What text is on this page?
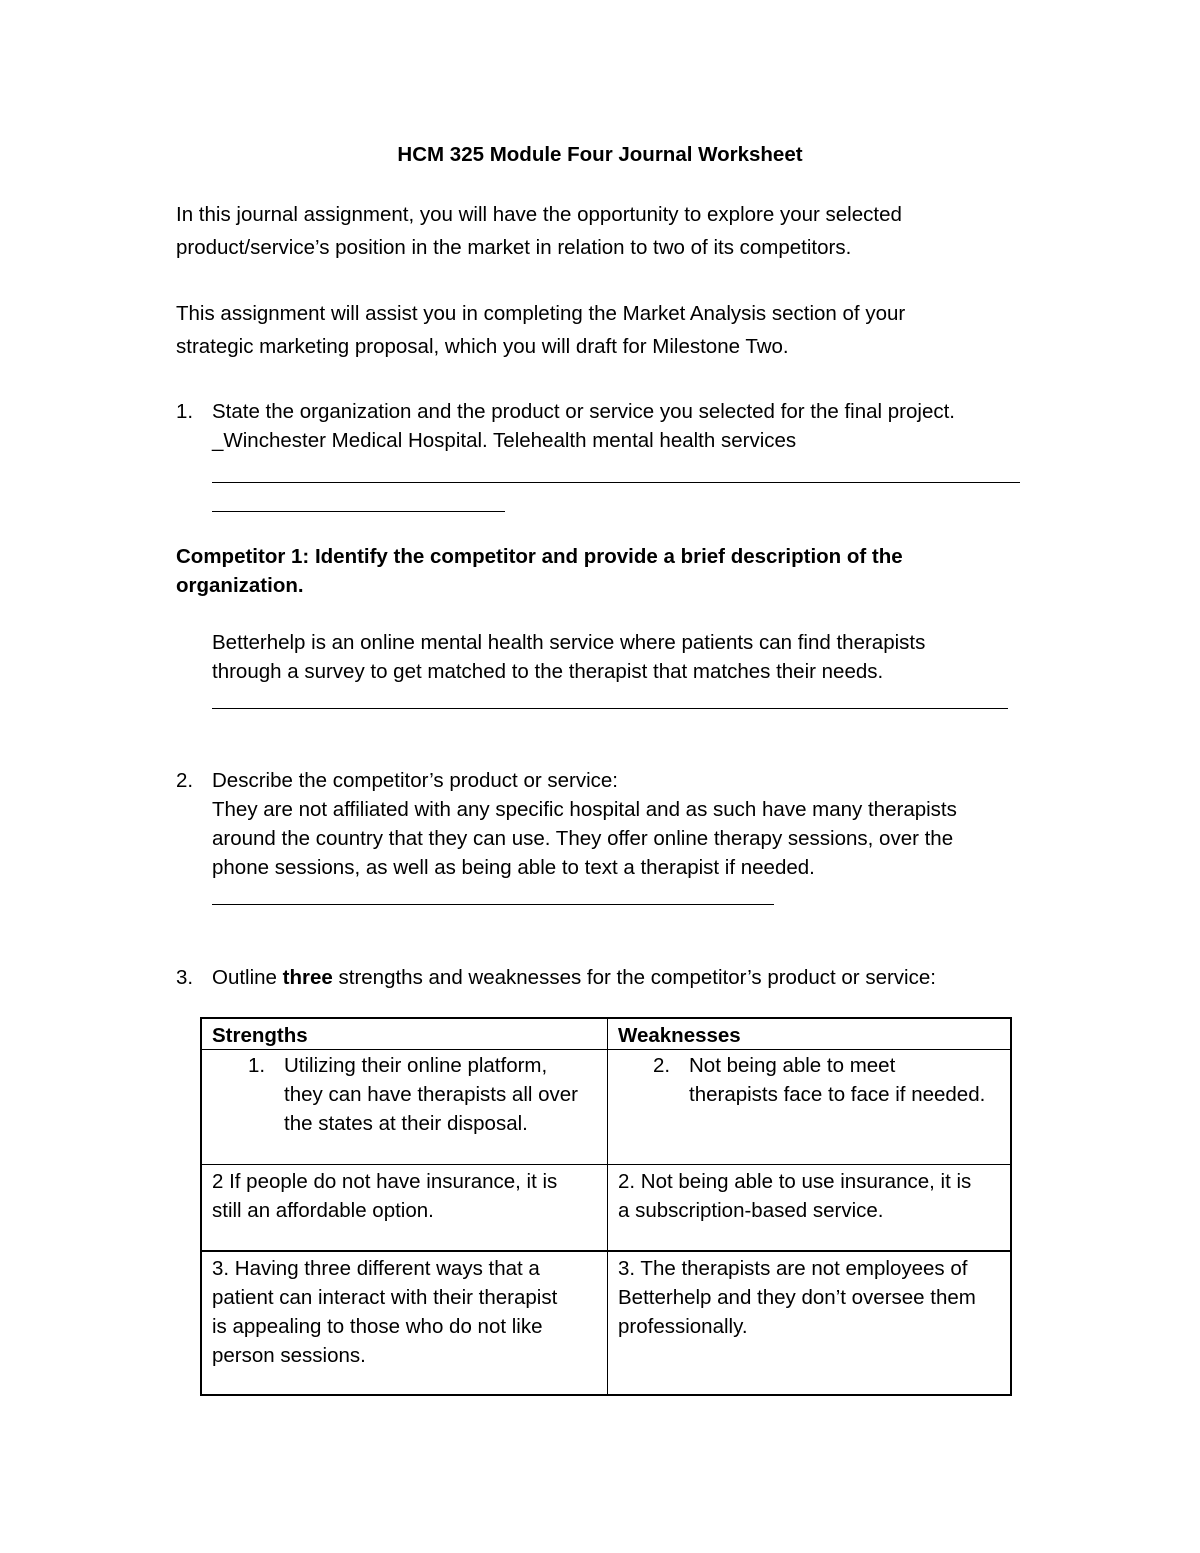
HCM 325 Module Four Journal Worksheet
In this journal assignment, you will have the opportunity to explore your selected
product/service’s position in the market in relation to two of its competitors.
This assignment will assist you in completing the Market Analysis section of your
strategic marketing proposal, which you will draft for Milestone Two.
1. State the organization and the product or service you selected for the final project.
_Winchester Medical Hospital. Telehealth mental health services
Competitor 1: Identify the competitor and provide a brief description of the
organization.
Betterhelp is an online mental health service where patients can find therapists
through a survey to get matched to the therapist that matches their needs.
2. Describe the competitor’s product or service:
They are not affiliated with any specific hospital and as such have many therapists
around the country that they can use. They offer online therapy sessions, over the
phone sessions, as well as being able to text a therapist if needed.
3. Outline three strengths and weaknesses for the competitor’s product or service:
Strengths	Weaknesses
1. Utilizing their online platform,
they can have therapists all over
the states at their disposal.
2. Not being able to meet
therapists face to face if needed.
2 If people do not have insurance, it is
still an affordable option.
2. Not being able to use insurance, it is
a subscription-based service.
3. Having three different ways that a
patient can interact with their therapist
is appealing to those who do not like
person sessions.
3. The therapists are not employees of
Betterhelp and they don’t oversee them
professionally.
